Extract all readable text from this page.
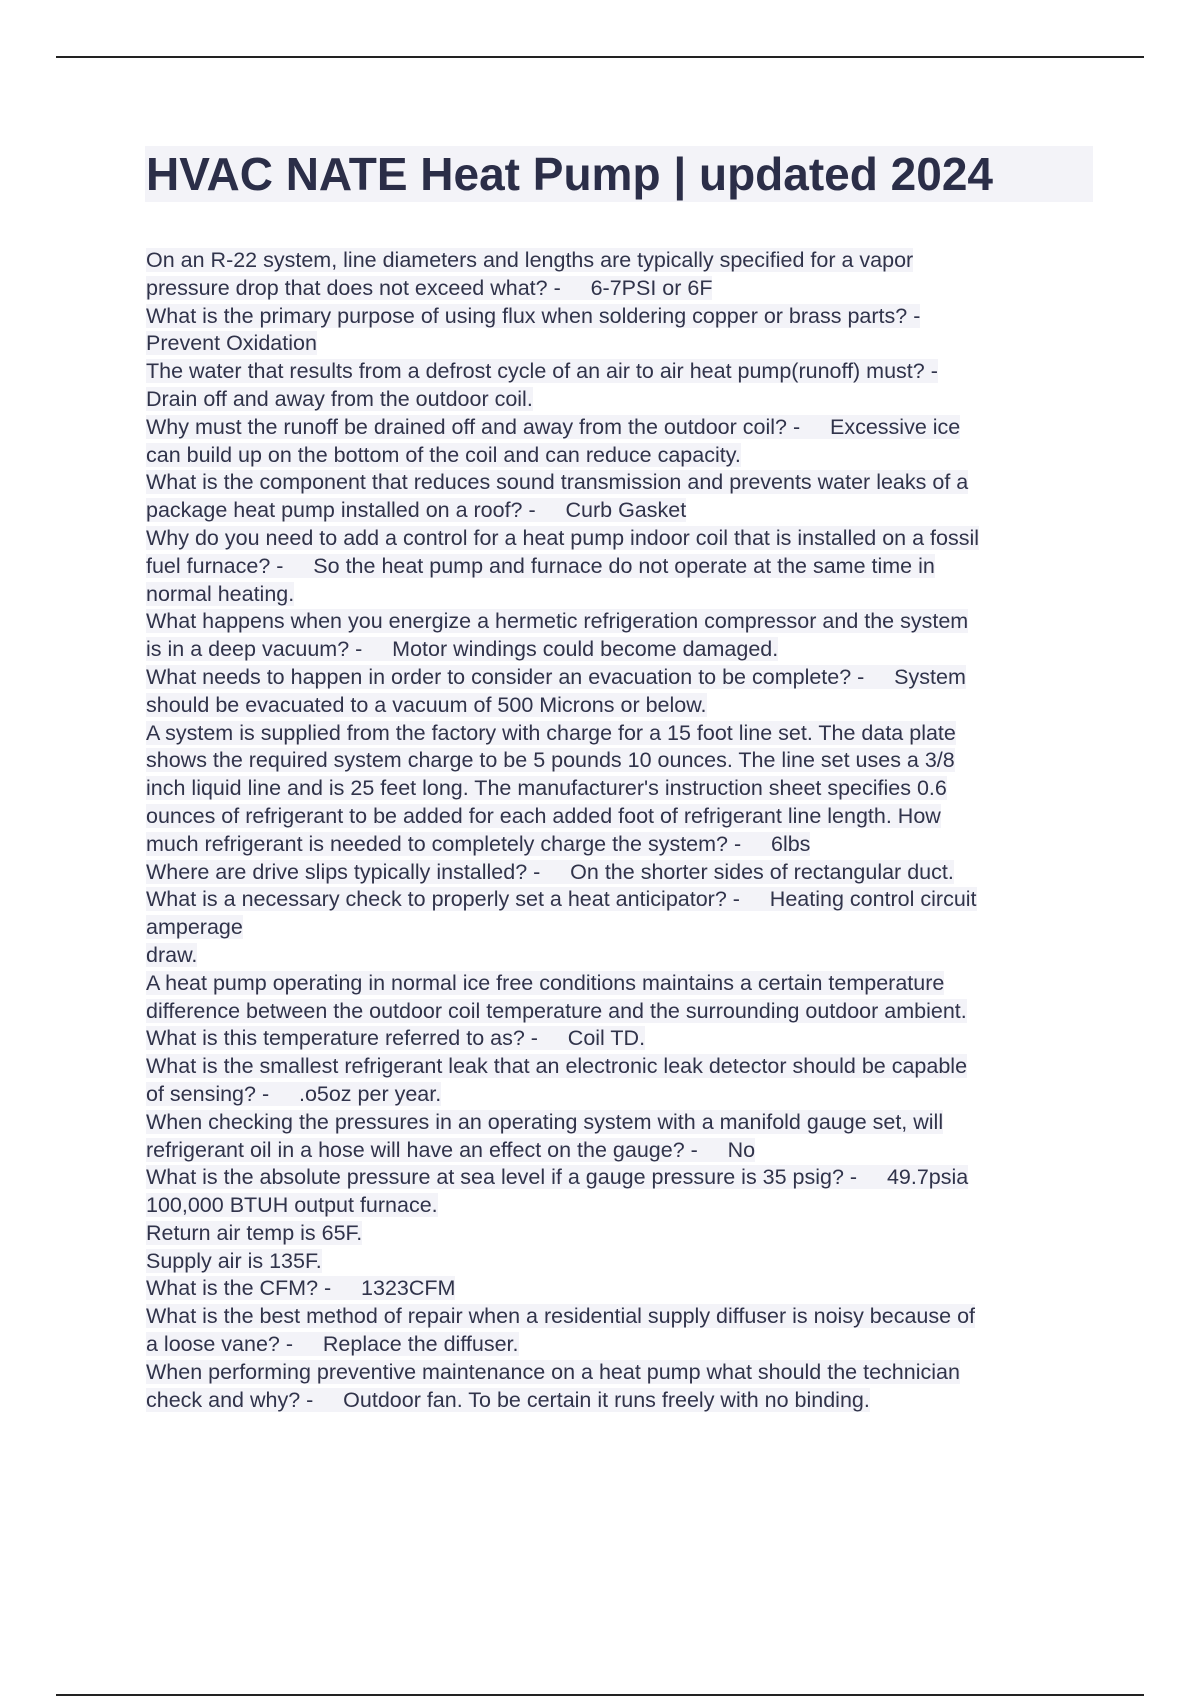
HVAC NATE Heat Pump | updated 2024
On an R-22 system, line diameters and lengths are typically specified for a vapor
pressure drop that does not exceed what? -     6-7PSI or 6F
What is the primary purpose of using flux when soldering copper or brass parts? -
Prevent Oxidation
The water that results from a defrost cycle of an air to air heat pump(runoff) must? -
Drain off and away from the outdoor coil.
Why must the runoff be drained off and away from the outdoor coil? -     Excessive ice
can build up on the bottom of the coil and can reduce capacity.
What is the component that reduces sound transmission and prevents water leaks of a
package heat pump installed on a roof? -     Curb Gasket
Why do you need to add a control for a heat pump indoor coil that is installed on a fossil
fuel furnace? -     So the heat pump and furnace do not operate at the same time in
normal heating.
What happens when you energize a hermetic refrigeration compressor and the system
is in a deep vacuum? -     Motor windings could become damaged.
What needs to happen in order to consider an evacuation to be complete? -     System
should be evacuated to a vacuum of 500 Microns or below.
A system is supplied from the factory with charge for a 15 foot line set. The data plate
shows the required system charge to be 5 pounds 10 ounces. The line set uses a 3/8
inch liquid line and is 25 feet long. The manufacturer's instruction sheet specifies 0.6
ounces of refrigerant to be added for each added foot of refrigerant line length. How
much refrigerant is needed to completely charge the system? -     6lbs
Where are drive slips typically installed? -     On the shorter sides of rectangular duct.
What is a necessary check to properly set a heat anticipator? -     Heating control circuit
amperage
draw.
A heat pump operating in normal ice free conditions maintains a certain temperature
difference between the outdoor coil temperature and the surrounding outdoor ambient.
What is this temperature referred to as? -     Coil TD.
What is the smallest refrigerant leak that an electronic leak detector should be capable
of sensing? -     .o5oz per year.
When checking the pressures in an operating system with a manifold gauge set, will
refrigerant oil in a hose will have an effect on the gauge? -     No
What is the absolute pressure at sea level if a gauge pressure is 35 psig? -     49.7psia
100,000 BTUH output furnace.
Return air temp is 65F.
Supply air is 135F.
What is the CFM? -     1323CFM
What is the best method of repair when a residential supply diffuser is noisy because of
a loose vane? -     Replace the diffuser.
When performing preventive maintenance on a heat pump what should the technician
check and why? -     Outdoor fan. To be certain it runs freely with no binding.
